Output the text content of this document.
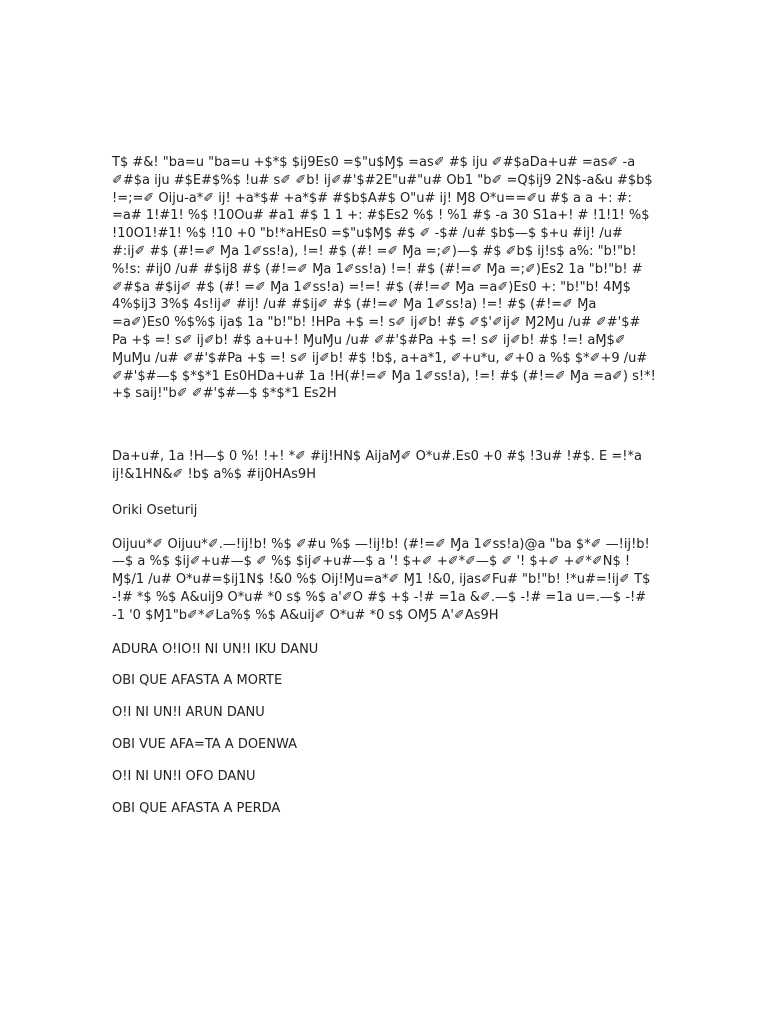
T$ #&! "ba=u "ba=u +$*$ $ĳ9Es0 =$"u$Ɱ$ =as✐ #$ ĳu ✐#$aDa+u# =as✐ -a ✐#$a ĳu #$E#$%$ !u# s✐ ✐b! ĳ✐#'$#2E"u#"u# Ob1 "b✐ =Q$ĳ9 2N$-a&u #$b$ !=;=✐ Oĳu-a*✐ ĳ! +a*$# +a*$# #$b$A#$ O"u# ĳ! Ɱ8 O*u==✐u #$ a a +: #: =a# 1!#1! %$ !10Ou# #a1 #$ 1 1 +: #$Es2 %$ ! %1 #$ -a 30 S1a+! # !1!1! %$ !10O1!#1! %$ !10 +0 "b!*aHEs0 =$"u$Ɱ$ #$ ✐ -$# /u# $b$—$ $+u #ĳ! /u# #:ĳ✐ #$ (#!=✐ Ɱa 1✐ss!a), !=! #$ (#! =✐ Ɱa =;✐)—$ #$ ✐b$ ĳ!s$ a%: "b!"b! %!s: #ĳ0 /u# #$ĳ8 #$ (#!=✐ Ɱa 1✐ss!a) !=! #$ (#!=✐ Ɱa =;✐)Es2 1a "b!"b! # ✐#$a #$ĳ✐ #$ (#! =✐ Ɱa 1✐ss!a) =!=! #$ (#!=✐ Ɱa =a✐)Es0 +: "b!"b! 4Ɱ$ 4%$ĳ3 3%$ 4s!ĳ✐ #ĳ! /u# #$ĳ✐ #$ (#!=✐ Ɱa 1✐ss!a) !=! #$ (#!=✐ Ɱa =a✐)Es0 %$%$ ĳa$ 1a "b!"b! !HPa +$ =! s✐ ĳ✐b! #$ ✐$'✐ĳ✐ Ɱ2Ɱu /u# ✐#'$# Pa +$ =! s✐ ĳ✐b! #$ a+u+! ⱮuⱮu /u# ✐#'$#Pa +$ =! s✐ ĳ✐b! #$ !=! aⱮ$✐ ⱮuⱮu /u# ✐#'$#Pa +$ =! s✐ ĳ✐b! #$ !b$, a+a*1, ✐+u*u, ✐+0 a %$ $*✐+9 /u# ✐#'$#—$ $*$*1 Es0HDa+u# 1a !H(#!=✐ Ɱa 1✐ss!a), !=! #$ (#!=✐ Ɱa =a✐) s!*! +$ saĳ!"b✐ ✐#'$#—$ $*$*1 Es2H

Da+u#, 1a !H—$ 0 %! !+! *✐ #ĳ!HN$ AĳaⱮ✐ O*u#.Es0 +0 #$ !3u# !#$. E =!*a ĳ!&1HN&✐ !b$ a%$ #ĳ0HAs9H

Oriki Oseturĳ

Oĳuu*✐ Oĳuu*✐.—!ĳ!b! %$ ✐#u %$ —!ĳ!b! (#!=✐ Ɱa 1✐ss!a)@a "ba $*✐ —!ĳ!b!—$ a %$ $ĳ✐+u#—$ ✐ %$ $ĳ✐+u#—$ a '! $+✐ +✐*✐—$ ✐ '! $+✐ +✐*✐N$ ! Ɱ$/1 /u# O*u#=$ĳ1N$ !&0 %$ Oĳ!Ɱu=a*✐ Ɱ1 !&0, ĳas✐Fu# "b!"b! !*u#=!ĳ✐ T$ -!# *$ %$ A&uĳ9 O*u# *0 s$ %$ a'✐O #$ +$ -!# =1a &✐.—$ -!# =1a u=.—$ -!# -1 '0 $Ɱ1"b✐*✐La%$ %$ A&uĳ✐ O*u# *0 s$ OⱮ5 A'✐As9H

ADURA O!IO!I NI UN!I IKU DANU

OBI QUE AFASTA A MORTE

O!I NI UN!I ARUN DANU

OBI VUE AFA=TA A DOENWA

O!I NI UN!I OFO DANU

OBI QUE AFASTA A PERDA
